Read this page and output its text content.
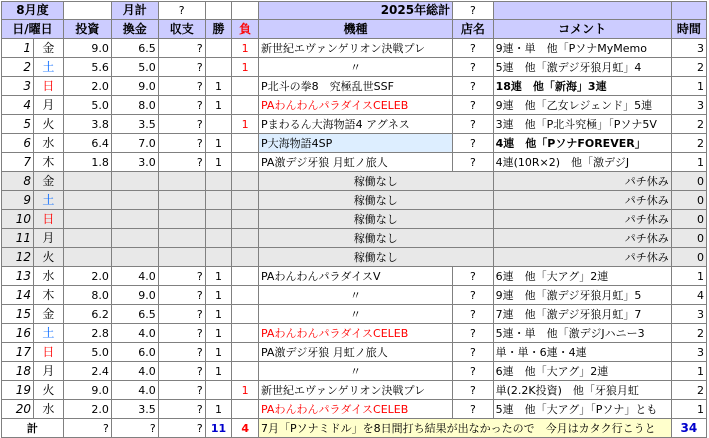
8月度			月計	?			2025年総計	?		
日/曜日		投資	換金	収支	勝	負	機種	店名	コメント	時間
1	金	9.0	6.5	?		1	新世紀エヴァンゲリオン決戦プレ	?	9連・単　他「PソナMyMemo	3
2	土	5.6	5.0	?		1	〃	?	5連　他「激デジ牙狼月虹」4	2
3	日	2.0	9.0	?	1		P北斗の拳8　究極乱世SSF	?	18連　他「新海」3連	1
4	月	5.0	8.0	?	1		PAわんわんパラダイスCELEB	?	9連　他「乙女レジェンド」5連	3
5	火	3.8	3.5	?		1	Pまわるん大海物語4 アグネス	?	3連　他「P北斗究極」「Pソナ5V	2
6	水	6.4	7.0	?	1		P大海物語4SP	?	4連　他「PソナFOREVER」	2
7	木	1.8	3.0	?	1		PA激デジ牙狼 月虹ノ旅人	?	4連(10R×2)　他「激デジJ	1
8	金						稼働なし		パチ休み	0
9	土						稼働なし		パチ休み	0
10	日						稼働なし		パチ休み	0
11	月						稼働なし		パチ休み	0
12	火						稼働なし		パチ休み	0
13	水	2.0	4.0	?	1		PAわんわんパラダイスV	?	6連　他「大アグ」2連	1
14	木	8.0	9.0	?	1		〃	?	9連　他「激デジ牙狼月虹」5	4
15	金	6.2	6.5	?	1		〃	?	7連　他「激デジ牙狼月虹」7	3
16	土	2.8	4.0	?	1		PAわんわんパラダイスCELEB	?	5連・単　他「激デジJハニー3	2
17	日	5.0	6.0	?	1		PA激デジ牙狼 月虹ノ旅人	?	単・単・6連・4連	3
18	月	2.4	4.0	?	1		〃	?	6連　他「大アグ」2連	1
19	火	9.0	4.0	?		1	新世紀エヴァンゲリオン決戦プレ	?	単(2.2K投資)　他「牙狼月虹	2
20	水	2.0	3.5	?	1		PAわんわんパラダイスCELEB	?	5連　他「大アグ」「Pソナ」とも	1
計		?	?	?	11	4	7月「Pソナミドル」を8日間打ち結果が出なかったので　今月はカタク行こうと			34
